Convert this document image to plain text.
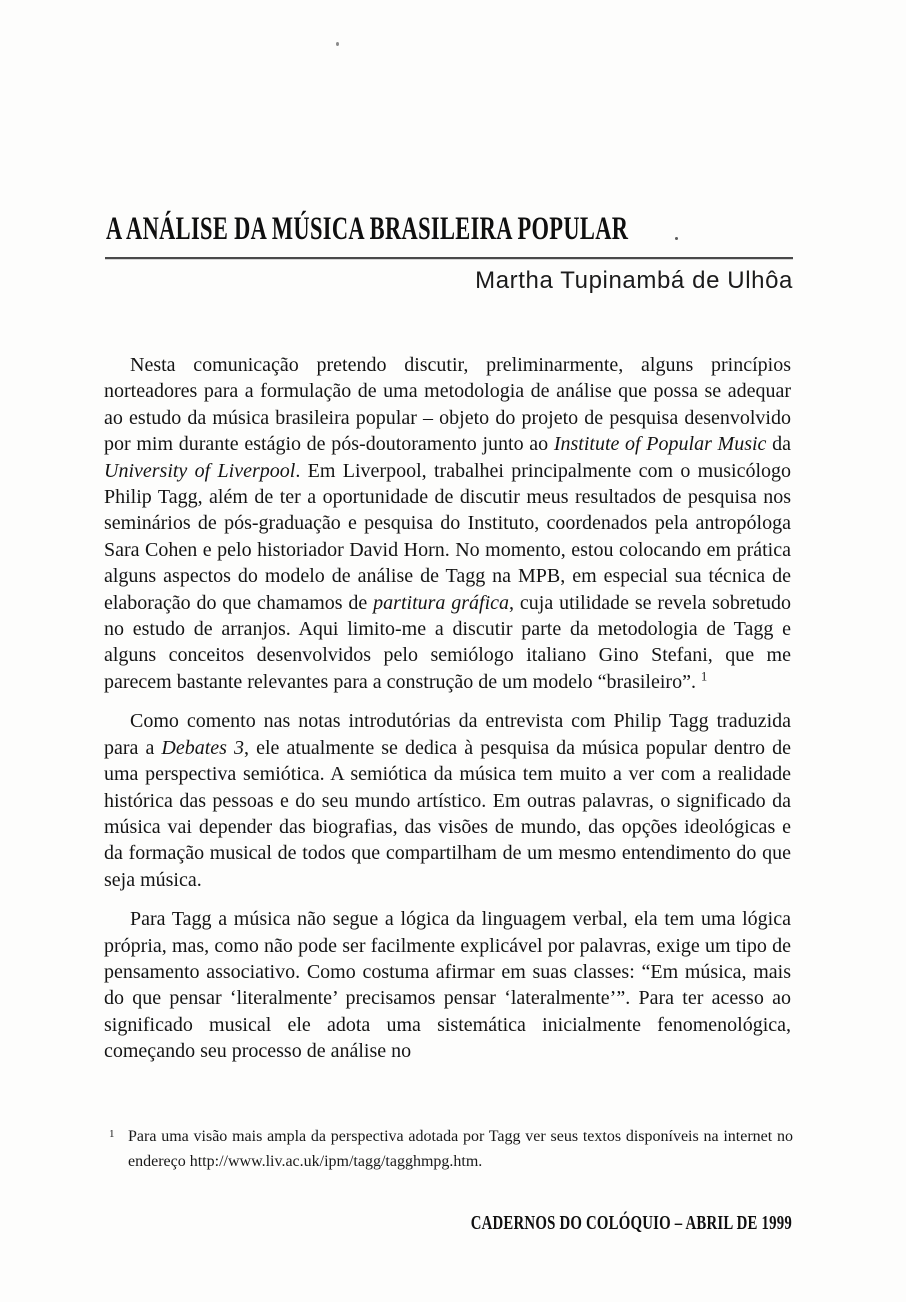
A ANÁLISE DA MÚSICA BRASILEIRA POPULAR
Martha Tupinambá de Ulhôa

Nesta comunicação pretendo discutir, preliminarmente, alguns princípios norteadores para a formulação de uma metodologia de análise que possa se adequar ao estudo da música brasileira popular – objeto do projeto de pesquisa desenvolvido por mim durante estágio de pós-doutoramento junto ao Institute of Popular Music da University of Liverpool. Em Liverpool, trabalhei principalmente com o musicólogo Philip Tagg, além de ter a oportunidade de discutir meus resultados de pesquisa nos seminários de pós-graduação e pesquisa do Instituto, coordenados pela antropóloga Sara Cohen e pelo historiador David Horn. No momento, estou colocando em prática alguns aspectos do modelo de análise de Tagg na MPB, em especial sua técnica de elaboração do que chamamos de partitura gráfica, cuja utilidade se revela sobretudo no estudo de arranjos. Aqui limito-me a discutir parte da metodologia de Tagg e alguns conceitos desenvolvidos pelo semiólogo italiano Gino Stefani, que me parecem bastante relevantes para a construção de um modelo “brasileiro”. $^1$

Como comento nas notas introdutórias da entrevista com Philip Tagg traduzida para a Debates 3, ele atualmente se dedica à pesquisa da música popular dentro de uma perspectiva semiótica. A semiótica da música tem muito a ver com a realidade histórica das pessoas e do seu mundo artístico. Em outras palavras, o significado da música vai depender das biografias, das visões de mundo, das opções ideológicas e da formação musical de todos que compartilham de um mesmo entendimento do que seja música.

Para Tagg a música não segue a lógica da linguagem verbal, ela tem uma lógica própria, mas, como não pode ser facilmente explicável por palavras, exige um tipo de pensamento associativo. Como costuma afirmar em suas classes: “Em música, mais do que pensar ‘literalmente’ precisamos pensar ‘lateralmente’”. Para ter acesso ao significado musical ele adota uma sistemática inicialmente fenomenológica, começando seu processo de análise no

1 Para uma visão mais ampla da perspectiva adotada por Tagg ver seus textos disponíveis na internet no endereço http://www.liv.ac.uk/ipm/tagg/tagghmpg.htm.
CADERNOS DO COLÓQUIO – ABRIL DE 1999
